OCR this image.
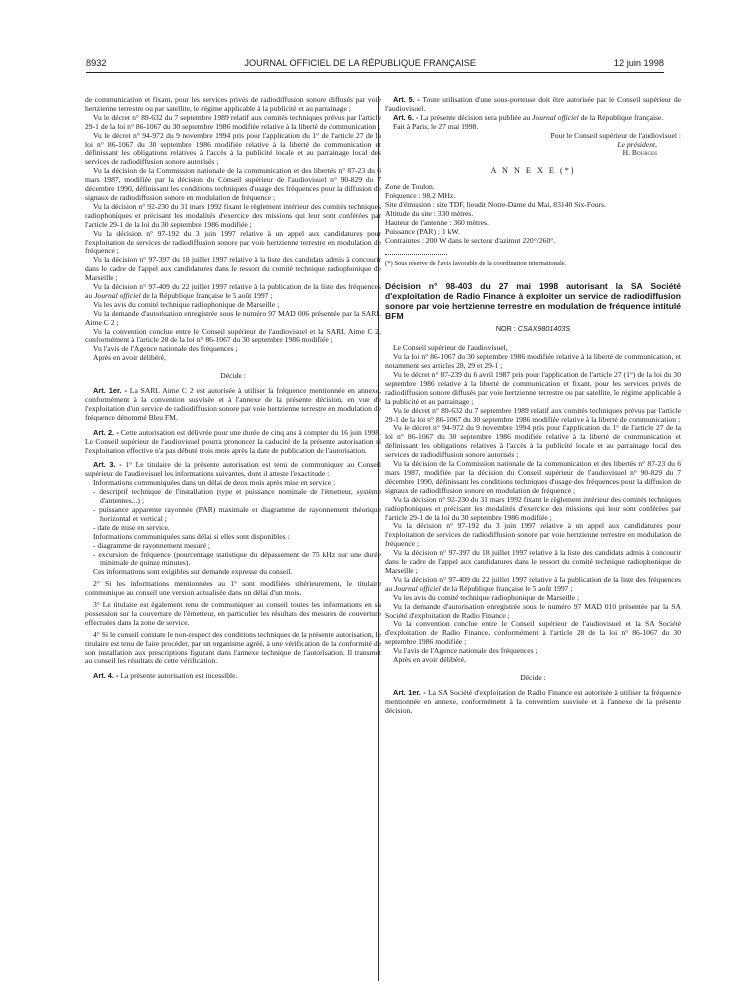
8932	JOURNAL OFFICIEL DE LA RÉPUBLIQUE FRANÇAISE	12 juin 1998

de communication et fixant, pour les services privés de radiodiffusion sonore diffusés par voie hertzienne terrestre ou par satellite, le régime applicable à la publicité et au parrainage ;

Vu le décret n° 89-632 du 7 septembre 1989 relatif aux comités techniques prévus par l'article 29-1 de la loi n° 86-1067 du 30 septembre 1986 modifiée relative à la liberté de communication ;

Vu le décret n° 94-972 du 9 novembre 1994 pris pour l'application du 1° de l'article 27 de la loi n° 86-1067 du 30 septembre 1986 modifiée relative à la liberté de communication et définissant les obligations relatives à l'accès à la publicité locale et au parrainage local des services de radiodiffusion sonore autorisés ;

Vu la décision de la Commission nationale de la communication et des libertés n° 87-23 du 6 mars 1987, modifiée par la décision du Conseil supérieur de l'audiovisuel n° 90-829 du 7 décembre 1990, définissant les conditions techniques d'usage des fréquences pour la diffusion de signaux de radiodiffusion sonore en modulation de fréquence ;

Vu la décision n° 92-230 du 31 mars 1992 fixant le règlement intérieur des comités techniques radiophoniques et précisant les modalités d'exercice des missions qui leur sont conférées par l'article 29-1 de la loi du 30 septembre 1986 modifiée ;

Vu la décision n° 97-192 du 3 juin 1997 relative à un appel aux candidatures pour l'exploitation de services de radiodiffusion sonore par voie hertzienne terrestre en modulation de fréquence ;

Vu la décision n° 97-397 du 18 juillet 1997 relative à la liste des candidats admis à concourir dans le cadre de l'appel aux candidatures dans le ressort du comité technique radiophonique de Marseille ;

Vu la décision n° 97-409 du 22 juillet 1997 relative à la publication de la liste des fréquences au Journal officiel de la République française le 5 août 1997 ;

Vu les avis du comité technique radiophonique de Marseille ;

Vu la demande d'autorisation enregistrée sous le numéro 97 MAD 006 présentée par la SARL Aime C 2 ;

Vu la convention conclue entre le Conseil supérieur de l'audiovisuel et la SARL Aime C 2, conformément à l'article 28 de la loi n° 86-1067 du 30 septembre 1986 modifiée ;

Vu l'avis de l'Agence nationale des fréquences ;

Après en avoir délibéré,

Décide :

Art. 1er. - La SARL Aime C 2 est autorisée à utiliser la fréquence mentionnée en annexe, conformément à la convention susvisée et à l'annexe de la présente décision, en vue de l'exploitation d'un service de radiodiffusion sonore par voie hertzienne terrestre en modulation de fréquence dénommé Bleu FM.

Art. 2. - Cette autorisation est délivrée pour une durée de cinq ans à compter du 16 juin 1998. Le Conseil supérieur de l'audiovisuel pourra prononcer la caducité de la présente autorisation si l'exploitation effective n'a pas débuté trois mois après la date de publication de l'autorisation.

Art. 3. - 1° Le titulaire de la présente autorisation est tenu de communiquer au Conseil supérieur de l'audiovisuel les informations suivantes, dont il atteste l'exactitude :

Informations communiquées dans un délai de deux mois après mise en service :

- descriptif technique de l'installation (type et puissance nominale de l'émetteur, système d'antennes...) ;
- puissance apparente rayonnée (PAR) maximale et diagramme de rayonnement théorique horizontal et vertical ;
- date de mise en service.

Informations communiquées sans délai si elles sont disponibles :

- diagramme de rayonnement mesuré ;
- excursion de fréquence (pourcentage statistique du dépassement de 75 kHz sur une durée minimale de quinze minutes).

Ces informations sont exigibles sur demande expresse du conseil.

2° Si les informations mentionnées au 1° sont modifiées ultérieurement, le titulaire communique au conseil une version actualisée dans un délai d'un mois.

3° Le titulaire est également tenu de communiquer au conseil toutes les informations en sa possession sur la couverture de l'émetteur, en particulier les résultats des mesures de couverture effectuées dans la zone de service.

4° Si le conseil constate le non-respect des conditions techniques de la présente autorisation, le titulaire est tenu de faire procéder, par un organisme agréé, à une vérification de la conformité de son installation aux prescriptions figurant dans l'annexe technique de l'autorisation. Il transmet au conseil les résultats de cette vérification.

Art. 4. - La présente autorisation est incessible.

Art. 5. - Toute utilisation d'une sous-porteuse doit être autorisée par le Conseil supérieur de l'audiovisuel.

Art. 6. - La présente décision sera publiée au Journal officiel de la République française.

Fait à Paris, le 27 mai 1998.

Pour le Conseil supérieur de l'audiovisuel :

Le président,

H. Bourges

A N N E X E (*)

Zone de Toulon.

Fréquence : 98.2 MHz.

Site d'émission : site TDF, lieudit Notre-Dame du Mai, 83140 Six-Fours.

Altitude du site : 330 mètres.

Hauteur de l'antenne : 360 mètres.

Puissance (PAR) : 1 kW.

Contraintes : 200 W dans le secteur d'azimut 220°/260°.

(*) Sous réserve de l'avis favorable de la coordination internationale.

Décision n° 98-403 du 27 mai 1998 autorisant la SA Société d'exploitation de Radio Finance à exploiter un service de radiodiffusion sonore par voie hertzienne terrestre en modulation de fréquence intitulé BFM

NOR : CSAX9801403S

Le Conseil supérieur de l'audiovisuel,

Vu la loi n° 86-1067 du 30 septembre 1986 modifiée relative à la liberté de communication, et notamment ses articles 28, 29 et 29-1 ;

Vu le décret n° 87-239 du 6 avril 1987 pris pour l'application de l'article 27 (1°) de la loi du 30 septembre 1986 relative à la liberté de communication et fixant, pour les services privés de radiodiffusion sonore diffusés par voie hertzienne terrestre ou par satellite, le régime applicable à la publicité et au parrainage ;

Vu le décret n° 89-632 du 7 septembre 1989 relatif aux comités techniques prévus par l'article 29-1 de la loi n° 86-1067 du 30 septembre 1986 modifiée relative à la liberté de communication ;

Vu le décret n° 94-972 du 9 novembre 1994 pris pour l'application du 1° de l'article 27 de la loi n° 86-1067 du 30 septembre 1986 modifiée relative à la liberté de communication et définissant les obligations relatives à l'accès à la publicité locale et au parrainage local des services de radiodiffusion sonore autorisés ;

Vu la décision de la Commission nationale de la communication et des libertés n° 87-23 du 6 mars 1987, modifiée par la décision du Conseil supérieur de l'audiovisuel n° 90-829 du 7 décembre 1990, définissant les conditions techniques d'usage des fréquences pour la diffusion de signaux de radiodiffusion sonore en modulation de fréquence ;

Vu la décision n° 92-230 du 31 mars 1992 fixant le règlement intérieur des comités techniques radiophoniques et précisant les modalités d'exercice des missions qui leur sont conférées par l'article 29-1 de la loi du 30 septembre 1986 modifiée ;

Vu la décision n° 97-192 du 3 juin 1997 relative à un appel aux candidatures pour l'exploitation de services de radiodiffusion sonore par voie hertzienne terrestre en modulation de fréquence ;

Vu la décision n° 97-397 du 18 juillet 1997 relative à la liste des candidats admis à concourir dans le cadre de l'appel aux candidatures dans le ressort du comité technique radiophonique de Marseille ;

Vu la décision n° 97-409 du 22 juillet 1997 relative à la publication de la liste des fréquences au Journal officiel de la République française le 5 août 1997 ;

Vu les avis du comité technique radiophonique de Marseille ;

Vu la demande d'autorisation enregistrée sous le numéro 97 MAD 010 présentée par la SA Société d'exploitation de Radio Finance ;

Vu la convention conclue entre le Conseil supérieur de l'audiovisuel et la SA Société d'exploitation de Radio Finance, conformément à l'article 28 de la loi n° 86-1067 du 30 septembre 1986 modifiée ;

Vu l'avis de l'Agence nationale des fréquences ;

Après en avoir délibéré,

Décide :

Art. 1er. - La SA Société d'exploitation de Radio Finance est autorisée à utiliser la fréquence mentionnée en annexe, conformément à la convention susvisée et à l'annexe de la présente décision,
